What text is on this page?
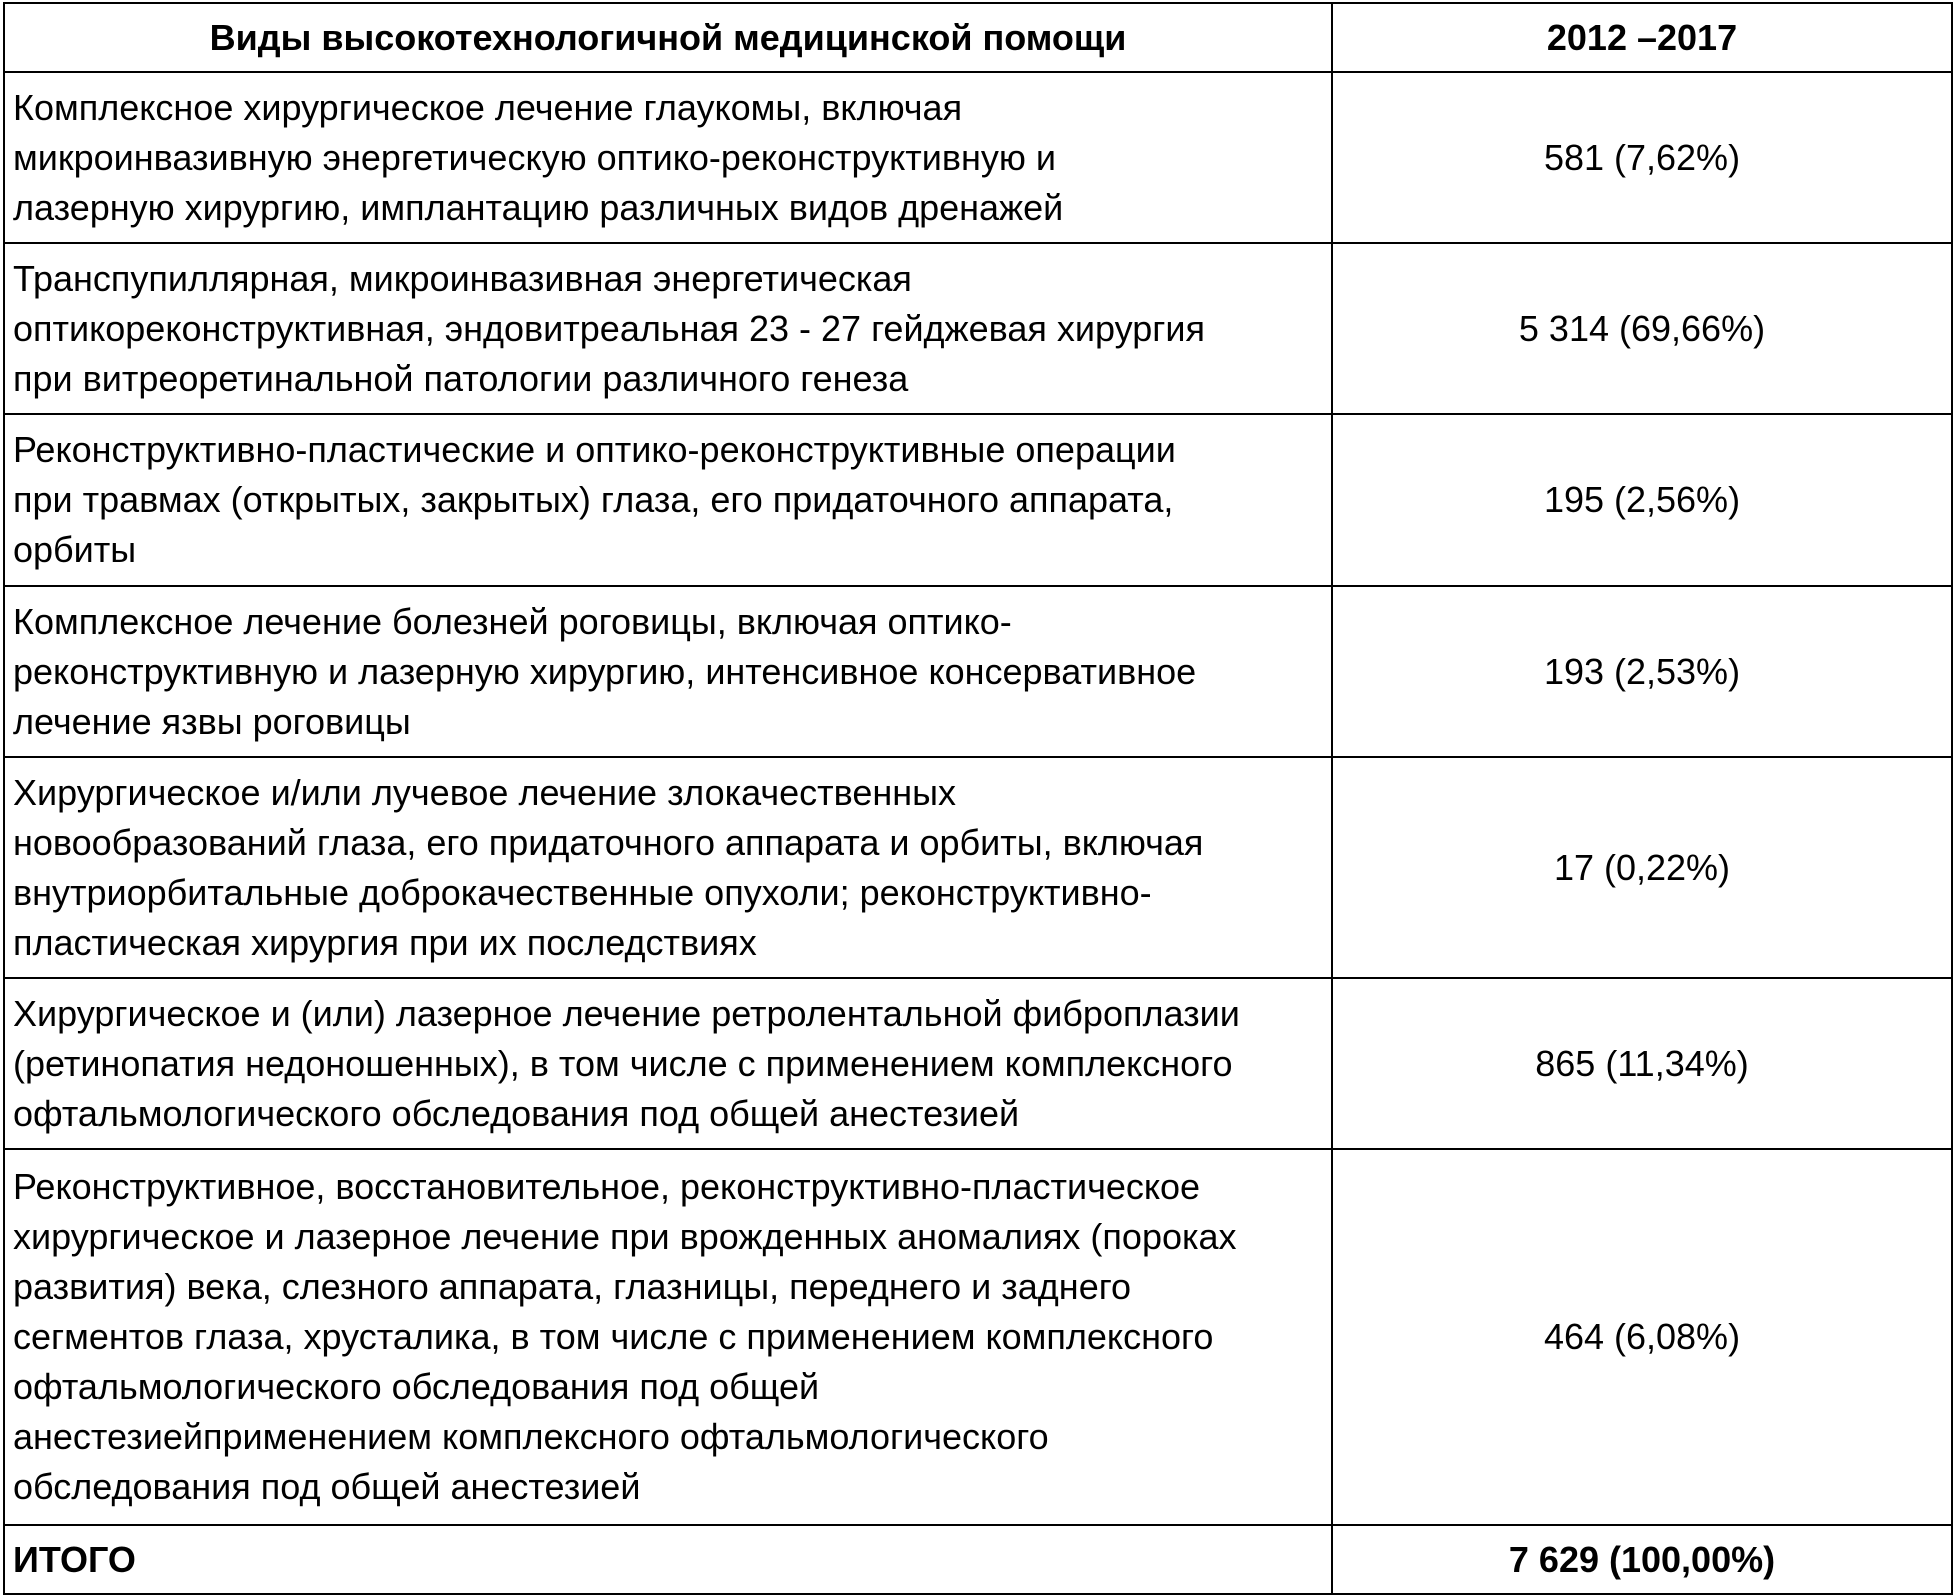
Виды высокотехнологичной медицинской помощи	2012 –2017
Комплексное хирургическое лечение глаукомы, включая
микроинвазивную энергетическую оптико-реконструктивную и
лазерную хирургию, имплантацию различных видов дренажей
581 (7,62%)
Транспупиллярная, микроинвазивная энергетическая
оптикореконструктивная, эндовитреальная 23 - 27 гейджевая хирургия
при витреоретинальной патологии различного генеза
5 314 (69,66%)
Реконструктивно-пластические и оптико-реконструктивные операции
при травмах (открытых, закрытых) глаза, его придаточного аппарата,
орбиты
195 (2,56%)
Комплексное лечение болезней роговицы, включая оптико-
реконструктивную и лазерную хирургию, интенсивное консервативное
лечение язвы роговицы
193 (2,53%)
Хирургическое и/или лучевое лечение злокачественных
новообразований глаза, его придаточного аппарата и орбиты, включая
внутриорбитальные доброкачественные опухоли; реконструктивно-
пластическая хирургия при их последствиях
17 (0,22%)
Хирургическое и (или) лазерное лечение ретролентальной фиброплазии
(ретинопатия недоношенных), в том числе с применением комплексного
офтальмологического обследования под общей анестезией
865 (11,34%)
Реконструктивное, восстановительное, реконструктивно-пластическое
хирургическое и лазерное лечение при врожденных аномалиях (пороках
развития) века, слезного аппарата, глазницы, переднего и заднего
сегментов глаза, хрусталика, в том числе с применением комплексного
офтальмологического обследования под общей
анестезиейприменением комплексного офтальмологического
обследования под общей анестезией
464 (6,08%)
ИТОГО	7 629 (100,00%)
